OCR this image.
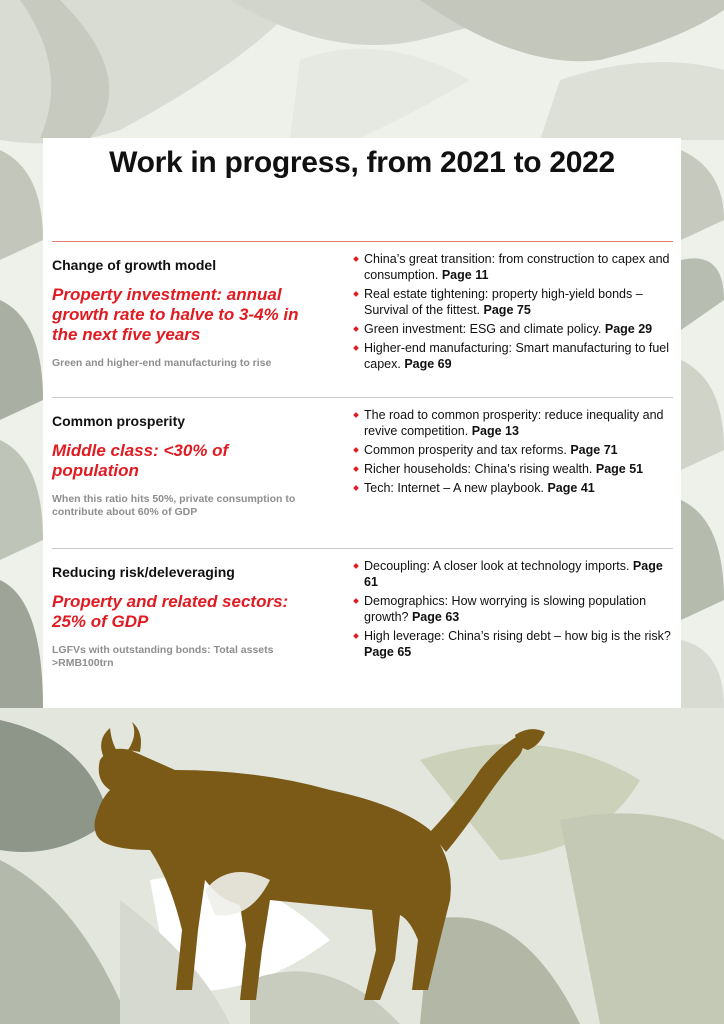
Work in progress, from 2021 to 2022
Change of growth model
Property investment: annual growth rate to halve to 3-4% in the next five years
Green and higher-end manufacturing to rise
China’s great transition: from construction to capex and consumption. Page 11
Real estate tightening: property high-yield bonds – Survival of the fittest. Page 75
Green investment: ESG and climate policy. Page 29
Higher-end manufacturing: Smart manufacturing to fuel capex. Page 69
Common prosperity
Middle class: <30% of population
When this ratio hits 50%, private consumption to contribute about 60% of GDP
The road to common prosperity: reduce inequality and revive competition. Page 13
Common prosperity and tax reforms. Page 71
Richer households: China’s rising wealth. Page 51
Tech: Internet – A new playbook. Page 41
Reducing risk/deleveraging
Property and related sectors: 25% of GDP
LGFVs with outstanding bonds: Total assets >RMB100trn
Decoupling: A closer look at technology imports. Page 61
Demographics: How worrying is slowing population growth? Page 63
High leverage: China’s rising debt – how big is the risk? Page 65
